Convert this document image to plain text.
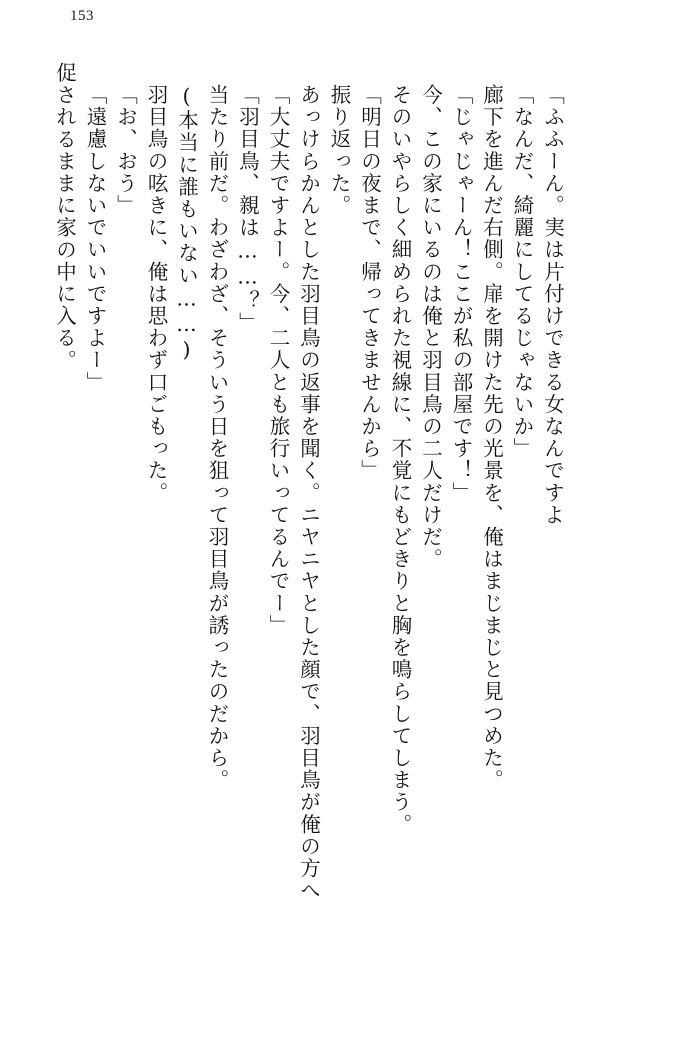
153
促されるままに家の中に入る。 「遠慮しないでいいですよー」 「お、おう」 羽目鳥の呟きに、俺は思わず口ごもった。 (本当に誰もいない……) 当たり前だ。わざわざ、そういう日を狙って羽目鳥が誘ったのだから。 「羽目鳥、親は……？」 「大丈夫ですよー。今、二人とも旅行いってるんでー」 あっけらかんとした羽目鳥の返事を聞く。ニヤニヤとした顔で、羽目鳥が俺の方へ 振り返った。 「明日の夜まで、帰ってきませんから」 そのいやらしく細められた視線に、不覚にもどきりと胸を鳴らしてしまう。 今、この家にいるのは俺と羽目鳥の二人だけだ。 「じゃじゃーん！ここが私の部屋です！」 廊下を進んだ右側。扉を開けた先の光景を、俺はまじまじと見つめた。 「なんだ、綺麗にしてるじゃないか」 「ふふーん。実は片付けできる女なんですよ
